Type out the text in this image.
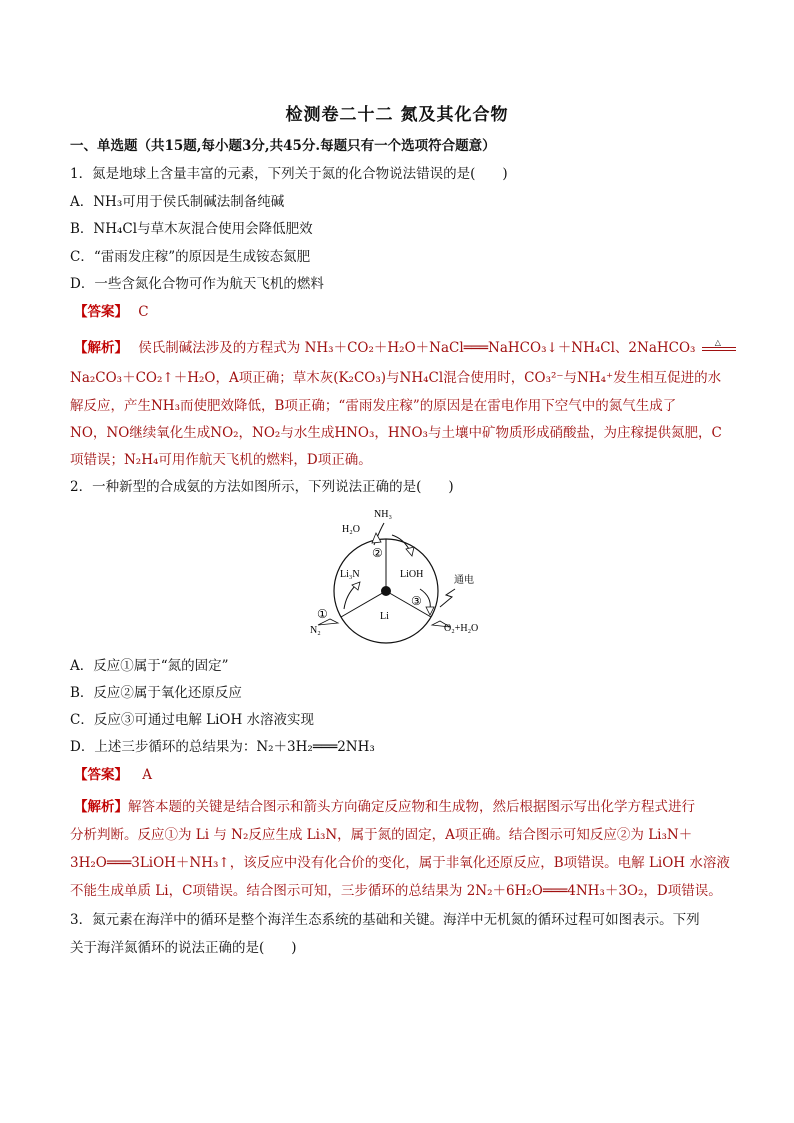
检测卷二十二 氮及其化合物
一、单选题（共15题,每小题3分,共45分.每题只有一个选项符合题意）
1．氮是地球上含量丰富的元素，下列关于氮的化合物说法错误的是(　　)
A．NH₃可用于侯氏制碱法制备纯碱
B．NH₄Cl与草木灰混合使用会降低肥效
C．“雷雨发庄稼”的原因是生成铵态氮肥
D．一些含氮化合物可作为航天飞机的燃料
【答案】 C
【解析】 侯氏制碱法涉及的方程式为 NH₃＋CO₂＋H₂O＋NaCl═══NaHCO₃↓＋NH₄Cl、2NaHCO₃ △
Na₂CO₃＋CO₂↑＋H₂O，A项正确；草木灰(K₂CO₃)与NH₄Cl混合使用时，CO₃²⁻与NH₄⁺发生相互促进的水
解反应，产生NH₃而使肥效降低，B项正确；“雷雨发庄稼”的原因是在雷电作用下空气中的氮气生成了
NO，NO继续氧化生成NO₂，NO₂与水生成HNO₃，HNO₃与土壤中矿物质形成硝酸盐，为庄稼提供氮肥，C
项错误；N₂H₄可用作航天飞机的燃料，D项正确。
2．一种新型的合成氨的方法如图所示，下列说法正确的是(　　)
NH₃
H₂O
Li₃N	LiOH
Li
N₂	O₂+H₂O
通电
①
②
③
A．反应①属于“氮的固定”
B．反应②属于氧化还原反应
C．反应③可通过电解 LiOH 水溶液实现
D．上述三步循环的总结果为：N₂＋3H₂═══2NH₃
【答案】 A
【解析】解答本题的关键是结合图示和箭头方向确定反应物和生成物，然后根据图示写出化学方程式进行
分析判断。反应①为 Li 与 N₂反应生成 Li₃N，属于氮的固定，A项正确。结合图示可知反应②为 Li₃N＋
3H₂O═══3LiOH＋NH₃↑，该反应中没有化合价的变化，属于非氧化还原反应，B项错误。电解 LiOH 水溶液
不能生成单质 Li，C项错误。结合图示可知，三步循环的总结果为 2N₂＋6H₂O═══4NH₃＋3O₂，D项错误。
3．氮元素在海洋中的循环是整个海洋生态系统的基础和关键。海洋中无机氮的循环过程可如图表示。下列
关于海洋氮循环的说法正确的是(　　)
